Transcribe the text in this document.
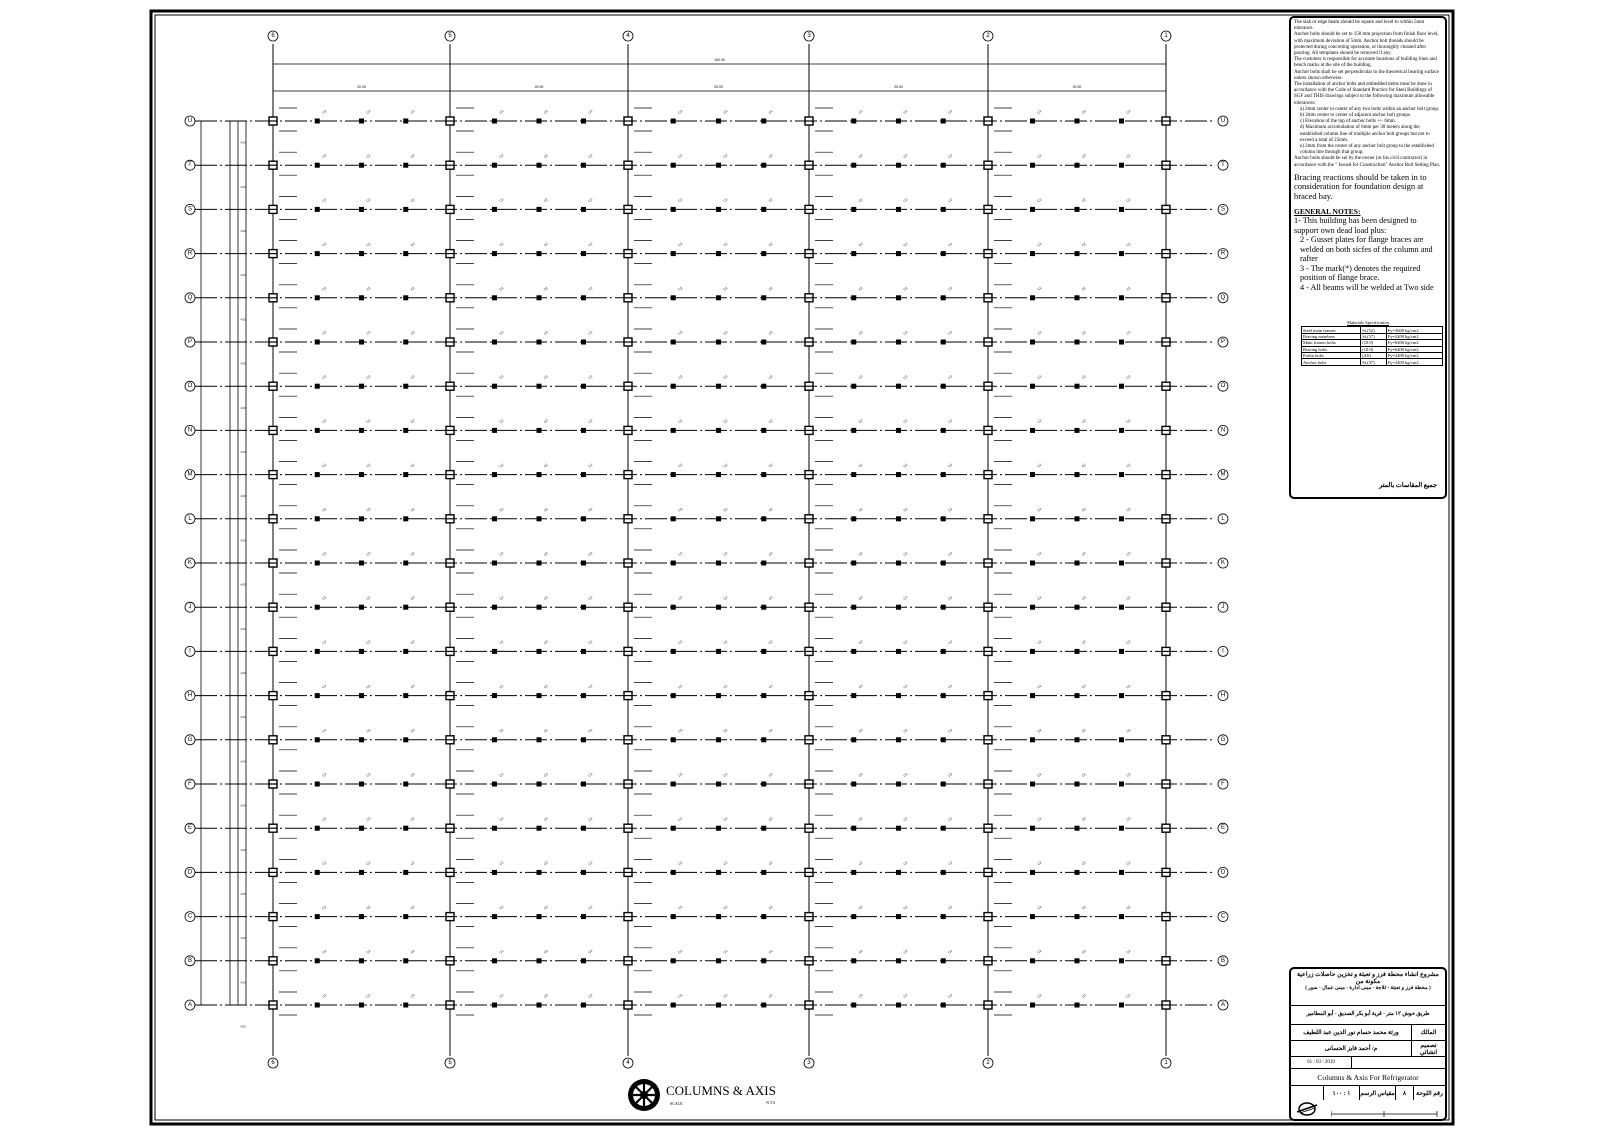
C2	C2	C2	C2	C2	C2	C2	C2	C2	C2	C2	C2	C2	C2	C2
C2	C2	C2	C2	C2	C2	C2	C2	C2	C2	C2	C2	C2	C2	C2
C2	C2	C2	C2	C2	C2	C2	C2	C2	C2	C2	C2	C2	C2	C2
C2	C2	C2	C2	C2	C2	C2	C2	C2	C2	C2	C2	C2	C2	C2
C2	C2	C2	C2	C2	C2	C2	C2	C2	C2	C2	C2	C2	C2	C2
C2	C2	C2	C2	C2	C2	C2	C2	C2	C2	C2	C2	C2	C2	C2
C2	C2	C2	C2	C2	C2	C2	C2	C2	C2	C2	C2	C2	C2	C2
C2	C2	C2	C2	C2	C2	C2	C2	C2	C2	C2	C2	C2	C2	C2
C2	C2	C2	C2	C2	C2	C2	C2	C2	C2	C2	C2	C2	C2	C2
C2	C2	C2	C2	C2	C2	C2	C2	C2	C2	C2	C2	C2	C2	C2
C2	C2	C2	C2	C2	C2	C2	C2	C2	C2	C2	C2	C2	C2	C2
C2	C2	C2	C2	C2	C2	C2	C2	C2	C2	C2	C2	C2	C2	C2
C2	C2	C2	C2	C2	C2	C2	C2	C2	C2	C2	C2	C2	C2	C2
C2	C2	C2	C2	C2	C2	C2	C2	C2	C2	C2	C2	C2	C2	C2
C2	C2	C2	C2	C2	C2	C2	C2	C2	C2	C2	C2	C2	C2	C2
C2	C2	C2	C2	C2	C2	C2	C2	C2	C2	C2	C2	C2	C2	C2
C2	C2	C2	C2	C2	C2	C2	C2	C2	C2	C2	C2	C2	C2	C2
C2	C2	C2	C2	C2	C2	C2	C2	C2	C2	C2	C2	C2	C2	C2
C2	C2	C2	C2	C2	C2	C2	C2	C2	C2	C2	C2	C2	C2	C2
C2	C2	C2	C2	C2	C2	C2	C2	C2	C2	C2	C2	C2	C2	C2
C2	C2	C2	C2	C2	C2	C2	C2	C2	C2	C2	C2	C2	C2	C2
6
6
5
5
4
4
3
3
2
2
1
1
100.00
20.00	20.00	20.00	20.00	20.00
4.00
U	U
4.00
T	T
4.00
S	S
4.00
R	R
4.00
Q	Q
4.00
P	P
4.00
O	O
4.00
N	N
4.00
M	M
4.00
L	L
4.00
K	K
4.00
J	J
4.00
I	I
4.00
H	H
4.00
G	G
4.00
F	F
4.00
E	E
4.00
D	D
4.00
C	C
4.00
B	B
4.00
A	A

The slab or edge beam should be square and level to within 5mm tolerance.

Anchor bolts should be set to 150 mm projection from finish floor level, with maximum deviation of 5mm. Anchor bolt threads should be protected during concreting operation, or thoroughly cleaned after pouring. All templates should be removed if any.

The customer is responsible for accurate locations of building lines and bench marks at the site of the building.

Anchor bolts shall be set perpendicular to the theoretical bearing surface unless shown otherwise.

The installation of anchor bolts and embedded items must be done in accordance with the Code of Standard Practice for Steel Buildings of SGF and THIS drawings subject to the following maximum allowable tolerances:

a) 2mm center to center of any two bolts within an anchor bolt group.
b) 2mm center to center of adjacent anchor bolt groups.
c) Elevation of the top of anchor bolts +/- 6mm.
d) Maximum accumulation of 6mm per 30 meters along the established column line of multiple anchor bolt groups but not to exceed a total of 25mm.
e) 2mm from the center of any anchor bolt group to the established column line through that group.

Anchor bolts should be set by the owner (or his civil contractor) in accordance with the " Issued for Construction" Anchor Bolt Setting Plan.

Bracing reactions should be taken in to consideration for foundation design at braced bay.

GENERAL NOTES:

1- This building has been designed to support own dead load plus:
2 - Gusset plates for flange braces are welded on both sicfes of the column and rafter
3 - The mark(*) denotes the required position of flange brace.
4 - All beams will be welded at Two side

Materials Specification

Steel main frames	St.(52)	Fy=3600 kg/cm2
Bracing members	St.(37)	Fy=2400 kg/cm2
Main frames bolts	(10.9)	Fy=6400 kg/cm2
Bracing bolts	(10.9)	Fy=6400 kg/cm2
Purlin bolts	(4.6)	Fy=2400 kg/cm2
Anchor bolts	St.(37)	Fy=2400 kg/cm2
جميع المقاسات بالمتر
مشروع انشاء محطة فرز و تعبئة و تخزين حاصلات زراعية
مكونة من
( محطة فرز و تعبئة - ثلاجة - مبنى ادارة - مبنى عمال - سور )
طريق حوش ١٢ متر - قرية أبو بكر الصديق - أبو المطامير
المالك
ورثة محمد حسام نور الدين عبد اللطيف
تصميم انشائي
م/ أحمد فايز الحسانى
01 / 03 / 2019
Columns & Axis For Refrigerator
رقم اللوحة
٨
مقياس الرسم
١ : ١٠٠
COLUMNS & AXIS
SCALE	N.T.S
